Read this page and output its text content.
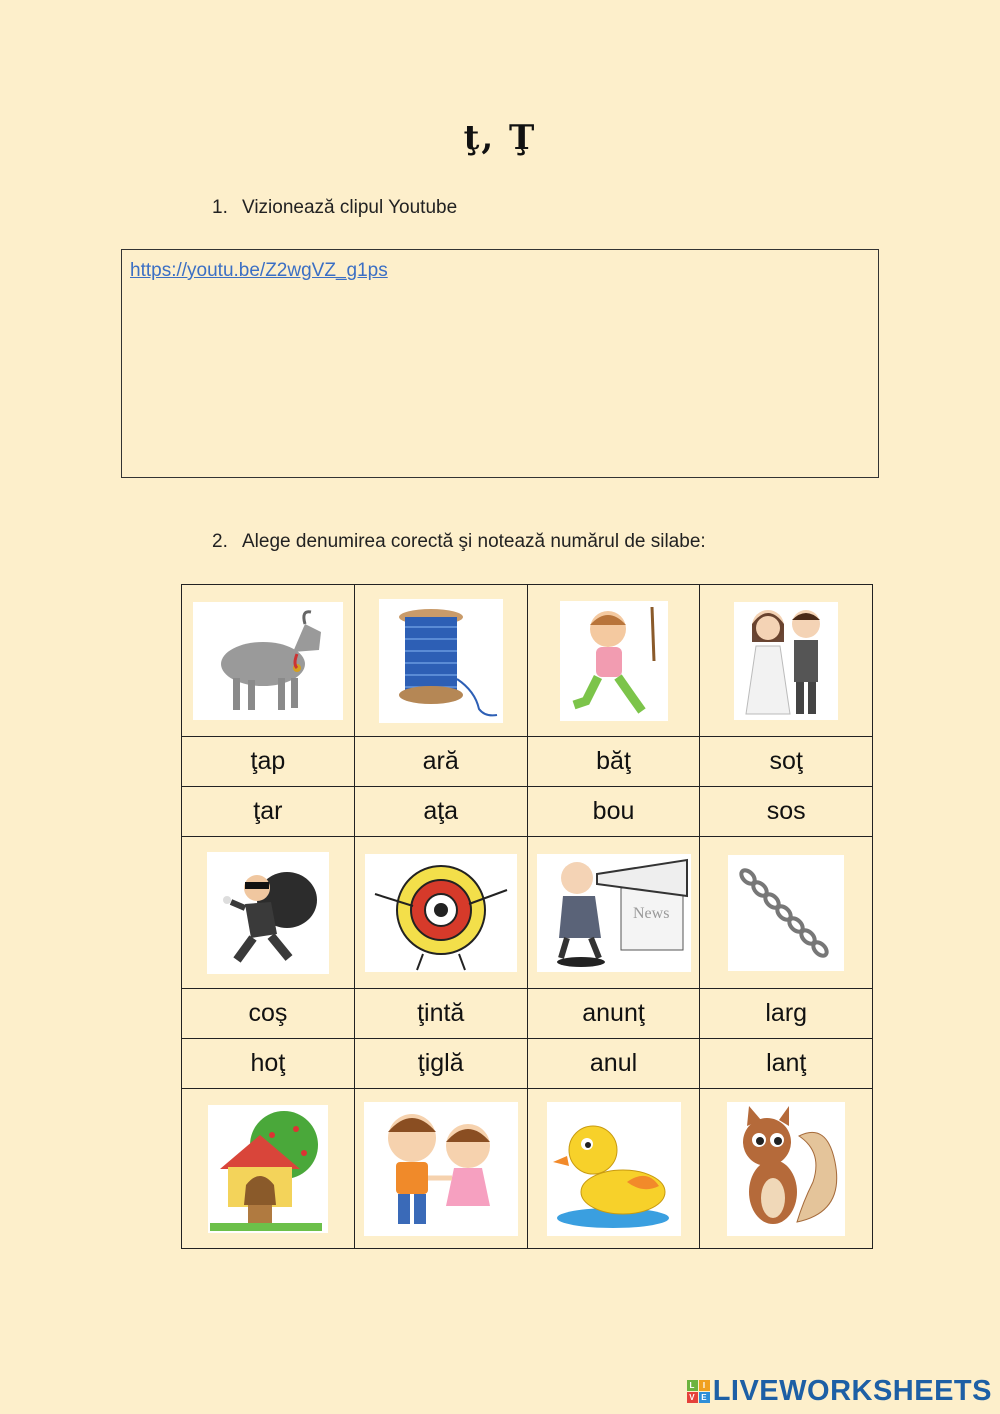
ţ, Ţ
1. Vizionează clipul Youtube
https://youtu.be/Z2wgVZ_g1ps
2. Alege denumirea corectă şi notează numărul de silabe:

ţap	ară	băţ	soţ
ţar	aţa	bou	sos

News

coş	ţintă	anunţ	larg
hoţ	ţiglă	anul	lanţ

L I
V E LIVEWORKSHEETS
